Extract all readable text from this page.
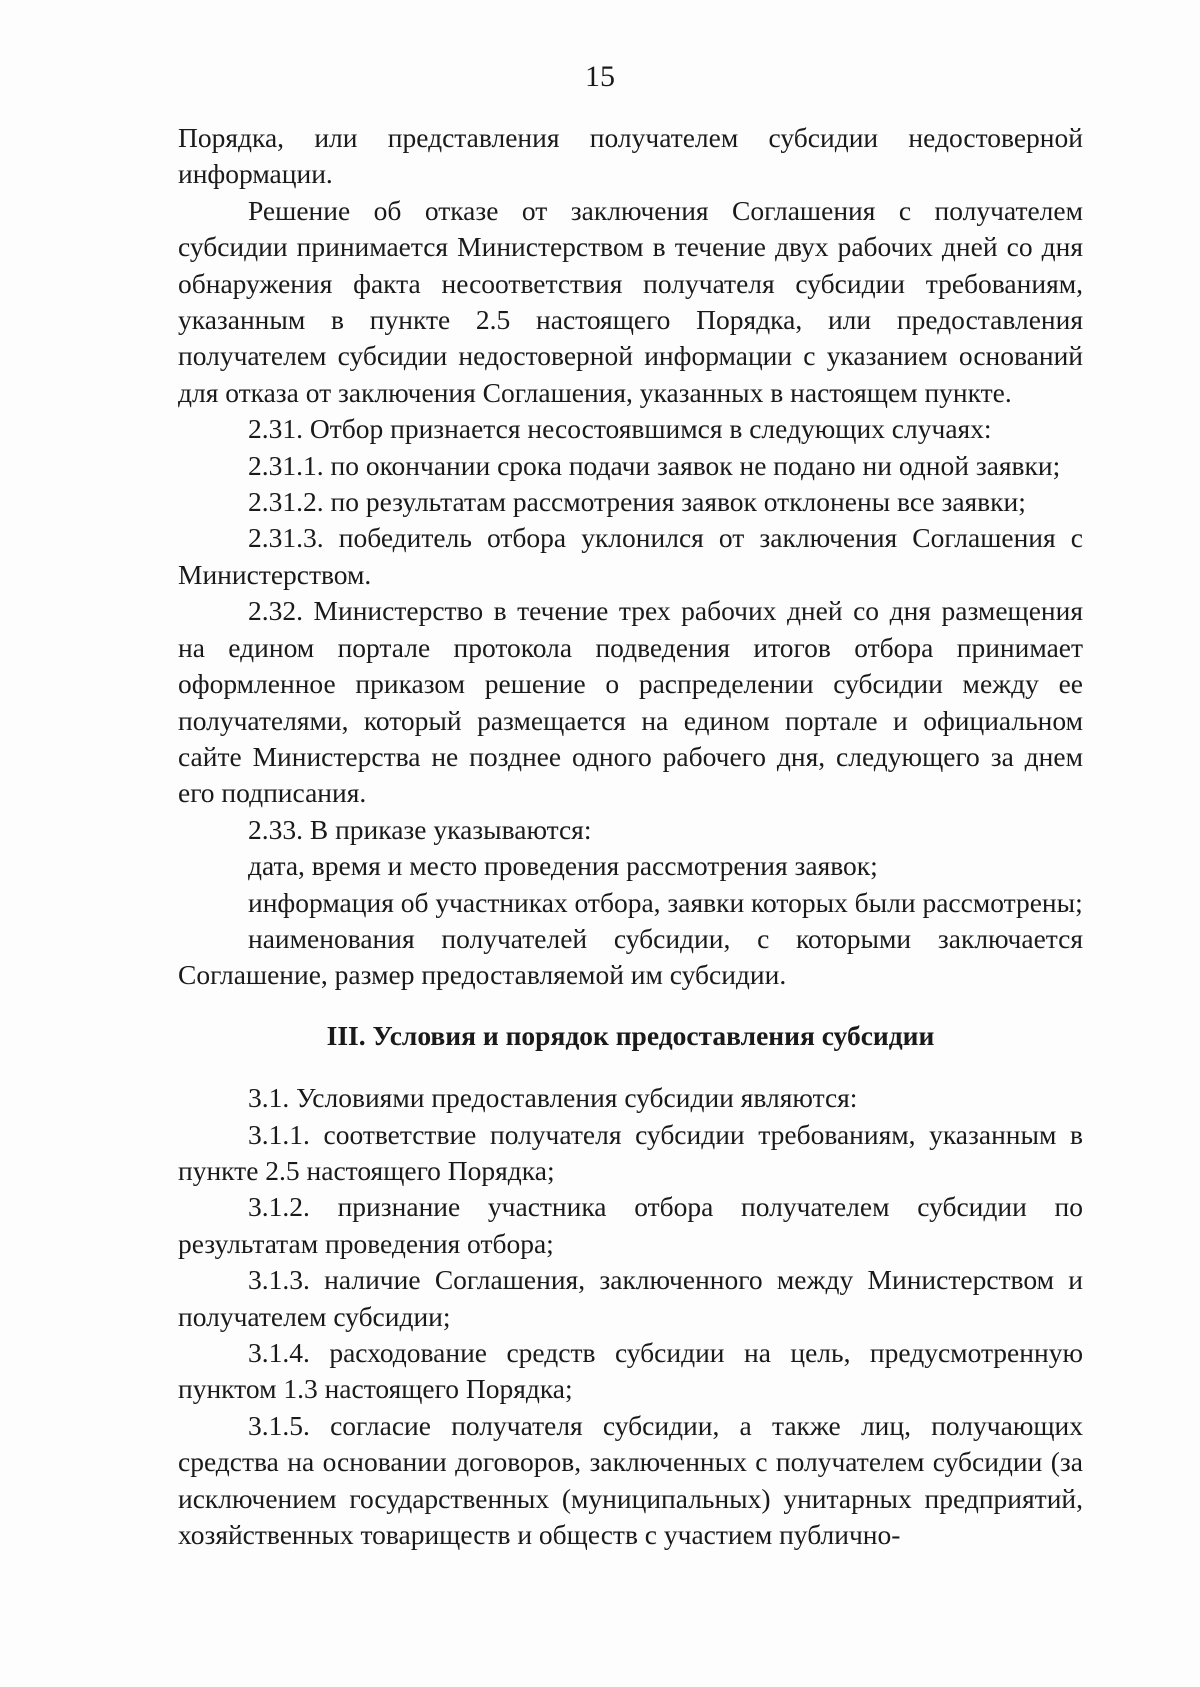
15

Порядка, или представления получателем субсидии недостоверной информации.

Решение об отказе от заключения Соглашения с получателем субсидии принимается Министерством в течение двух рабочих дней со дня обнаружения факта несоответствия получателя субсидии требованиям, указанным в пункте 2.5 настоящего Порядка, или предоставления получателем субсидии недостоверной информации с указанием оснований для отказа от заключения Соглашения, указанных в настоящем пункте.

2.31. Отбор признается несостоявшимся в следующих случаях:

2.31.1. по окончании срока подачи заявок не подано ни одной заявки;

2.31.2. по результатам рассмотрения заявок отклонены все заявки;

2.31.3. победитель отбора уклонился от заключения Соглашения с Министерством.

2.32. Министерство в течение трех рабочих дней со дня размещения на едином портале протокола подведения итогов отбора принимает оформленное приказом решение о распределении субсидии между ее получателями, который размещается на едином портале и официальном сайте Министерства не позднее одного рабочего дня, следующего за днем его подписания.

2.33. В приказе указываются:

дата, время и место проведения рассмотрения заявок;

информация об участниках отбора, заявки которых были рассмотрены;

наименования получателей субсидии, с которыми заключается Соглашение, размер предоставляемой им субсидии.

III. Условия и порядок предоставления субсидии

3.1. Условиями предоставления субсидии являются:

3.1.1. соответствие получателя субсидии требованиям, указанным в пункте 2.5 настоящего Порядка;

3.1.2. признание участника отбора получателем субсидии по результатам проведения отбора;

3.1.3. наличие Соглашения, заключенного между Министерством и получателем субсидии;

3.1.4. расходование средств субсидии на цель, предусмотренную пунктом 1.3 настоящего Порядка;

3.1.5. согласие получателя субсидии, а также лиц, получающих средства на основании договоров, заключенных с получателем субсидии (за исключением государственных (муниципальных) унитарных предприятий, хозяйственных товариществ и обществ с участием публично-
